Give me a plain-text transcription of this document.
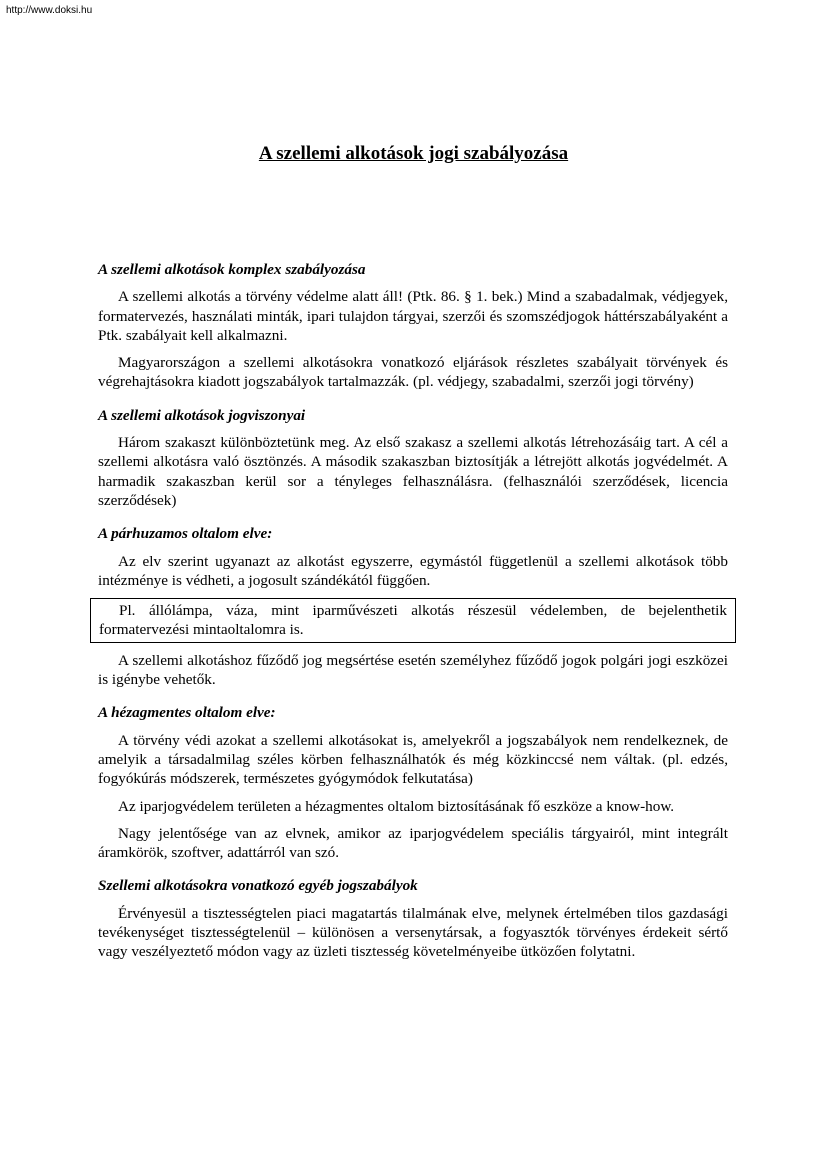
http://www.doksi.hu
A szellemi alkotások jogi szabályozása
A szellemi alkotások komplex szabályozása

A szellemi alkotás a törvény védelme alatt áll! (Ptk. 86. § 1. bek.) Mind a szabadalmak, védjegyek, formatervezés, használati minták, ipari tulajdon tárgyai, szerzői és szomszédjogok háttérszabályaként a Ptk. szabályait kell alkalmazni.

Magyarországon a szellemi alkotásokra vonatkozó eljárások részletes szabályait törvények és végrehajtásokra kiadott jogszabályok tartalmazzák. (pl. védjegy, szabadalmi, szerzői jogi törvény)

A szellemi alkotások jogviszonyai

Három szakaszt különböztetünk meg. Az első szakasz a szellemi alkotás létrehozásáig tart. A cél a szellemi alkotásra való ösztönzés. A második szakaszban biztosítják a létrejött alkotás jogvédelmét. A harmadik szakaszban kerül sor a tényleges felhasználásra. (felhasználói szerződések, licencia szerződések)

A párhuzamos oltalom elve:

Az elv szerint ugyanazt az alkotást egyszerre, egymástól függetlenül a szellemi alkotások több intézménye is védheti, a jogosult szándékától függően.

Pl. állólámpa, váza, mint iparművészeti alkotás részesül védelemben, de bejelenthetik formatervezési mintaoltalomra is.

A szellemi alkotáshoz fűződő jog megsértése esetén személyhez fűződő jogok polgári jogi eszközei is igénybe vehetők.

A hézagmentes oltalom elve:

A törvény védi azokat a szellemi alkotásokat is, amelyekről a jogszabályok nem rendelkeznek, de amelyik a társadalmilag széles körben felhasználhatók és még közkinccsé nem váltak. (pl. edzés, fogyókúrás módszerek, természetes gyógymódok felkutatása)

Az iparjogvédelem területen a hézagmentes oltalom biztosításának fő eszköze a know-how.

Nagy jelentősége van az elvnek, amikor az iparjogvédelem speciális tárgyairól, mint integrált áramkörök, szoftver, adattárról van szó.

Szellemi alkotásokra vonatkozó egyéb jogszabályok

Érvényesül a tisztességtelen piaci magatartás tilalmának elve, melynek értelmében tilos gazdasági tevékenységet tisztességtelenül – különösen a versenytársak, a fogyasztók törvényes érdekeit sértő vagy veszélyeztető módon vagy az üzleti tisztesség követelményeibe ütközően folytatni.
